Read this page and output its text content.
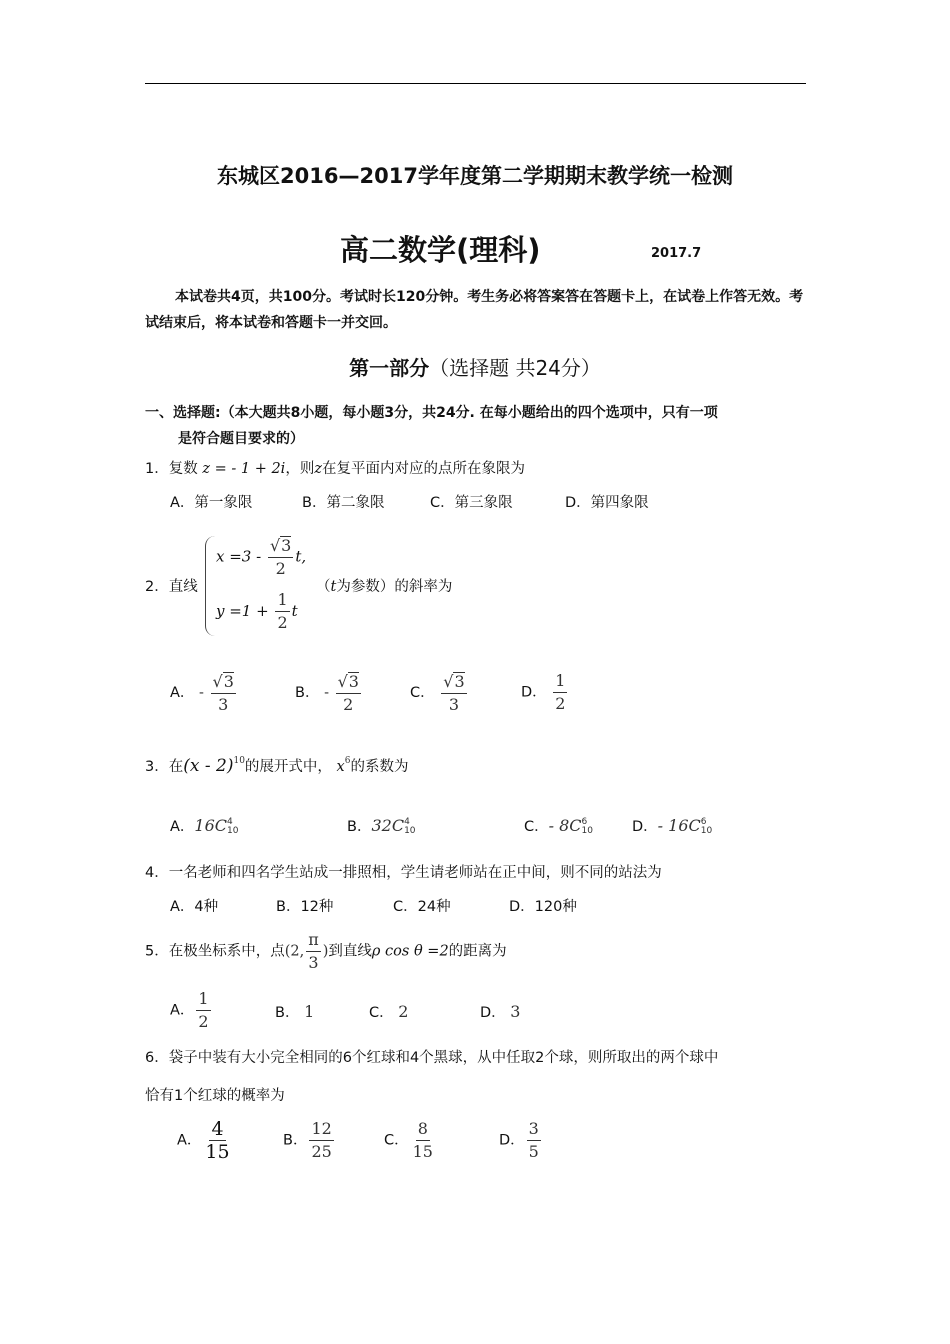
东城区2016—2017学年度第二学期期末教学统一检测
高二数学(理科)	2017.7
本试卷共4页，共100分。考试时长120分钟。考生务必将答案答在答题卡上，在试卷上作答无效。考试结束后，将本试卷和答题卡一并交回。
第一部分（选择题 共24分）
一、选择题:（本大题共8小题，每小题3分，共24分. 在每小题给出的四个选项中，只有一项
是符合题目要求的）
1．复数 z = - 1 + 2i，则z在复平面内对应的点所在象限为
A．第一象限	B．第二象限	C．第三象限	D．第四象限
2．直线
$x =3 - \frac{√3}{2} t$,
$y =1 + \frac{1}{2}$ t
（t为参数）的斜率为
A． - $\frac{√3}{3}$	B． - $\frac{√3}{2}$	C． $\frac{√3}{3}$	D． $\frac{1}{2}$
3．在(x - 2)$^{10}$的展开式中， $x^6$的系数为
A．16C 4
10	B．32C 4
10	C．- 8C 6
10	D．- 16C 6
10
4．一名老师和四名学生站成一排照相，学生请老师站在正中间，则不同的站法为
A．4种	B．12种	C．24种	D．120种
5．在极坐标系中，点(2, $\frac{\pi}{3}$ )到直线ρ cos θ =2的距离为
A． $\frac{1}{2}$	B． 1	C． 2	D． 3
6．袋子中装有大小完全相同的6个红球和4个黑球，从中任取2个球，则所取出的两个球中
恰有1个红球的概率为
A． $\frac{4}{15}$	B． $\frac{12}{25}$	C． $\frac{8}{15}$	D． $\frac{3}{5}$
